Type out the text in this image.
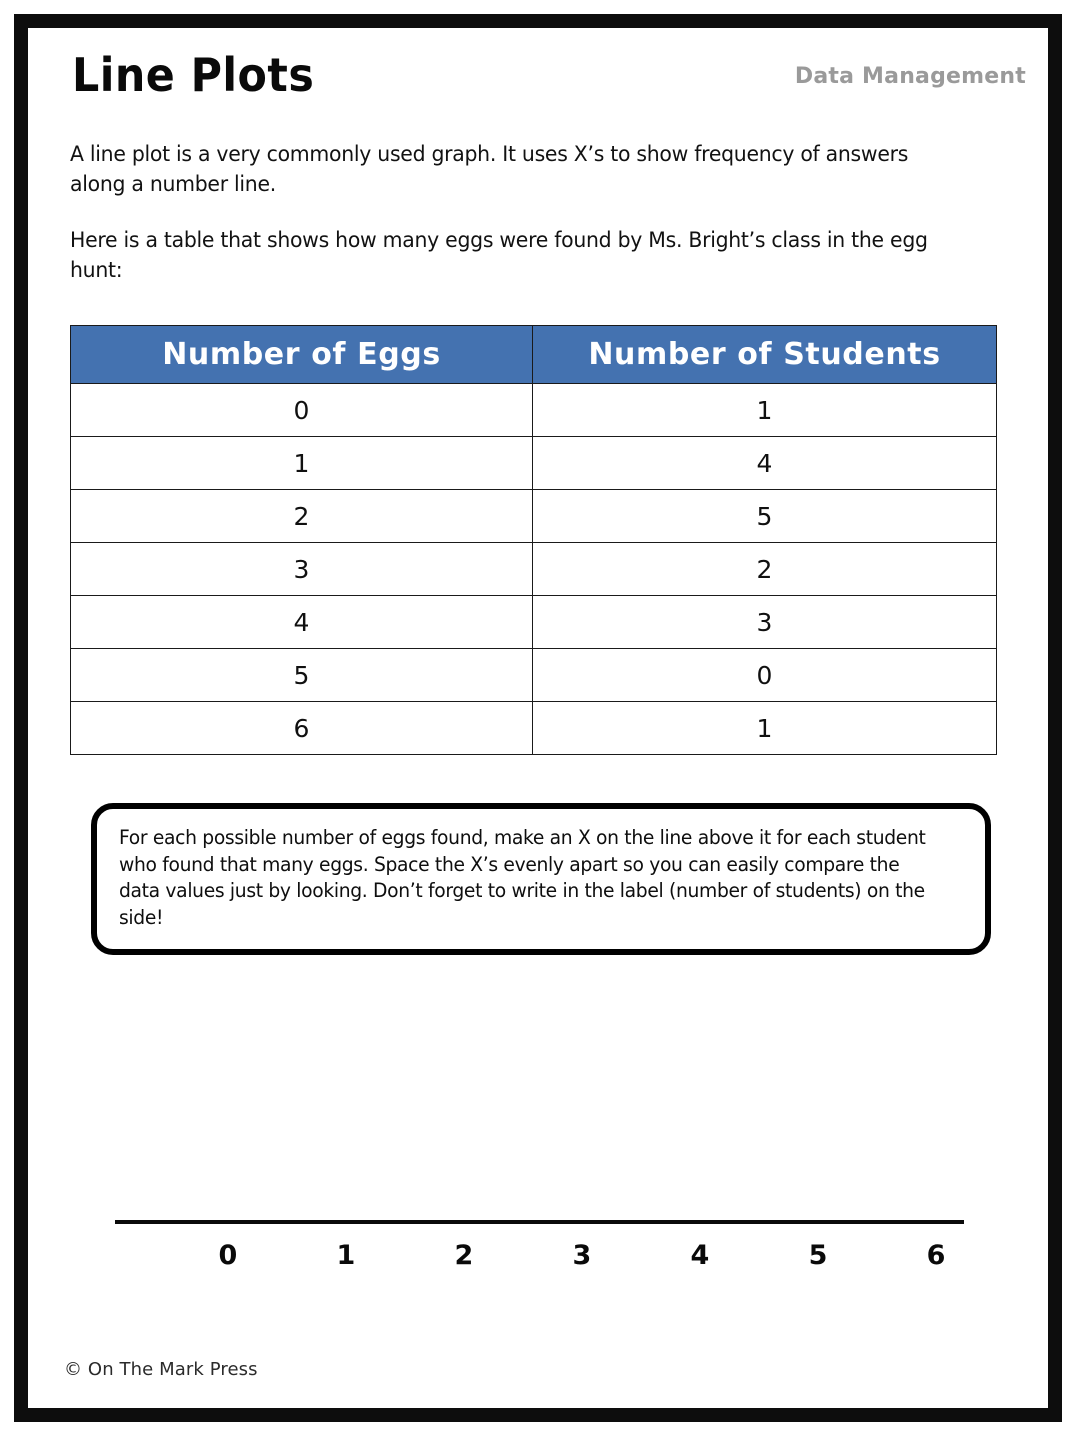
Line Plots	Data Management
A line plot is a very commonly used graph. It uses X’s to show frequency of answers along a number line.
Here is a table that shows how many eggs were found by Ms. Bright’s class in the egg hunt:
Number of Eggs	Number of Students
0	1
1	4
2	5
3	2
4	3
5	0
6	1
For each possible number of eggs found, make an X on the line above it for each student who found that many eggs. Space the X’s evenly apart so you can easily compare the data values just by looking. Don’t forget to write in the label (number of students) on the side!
0	1	2	3	4	5	6
© On The Mark Press
